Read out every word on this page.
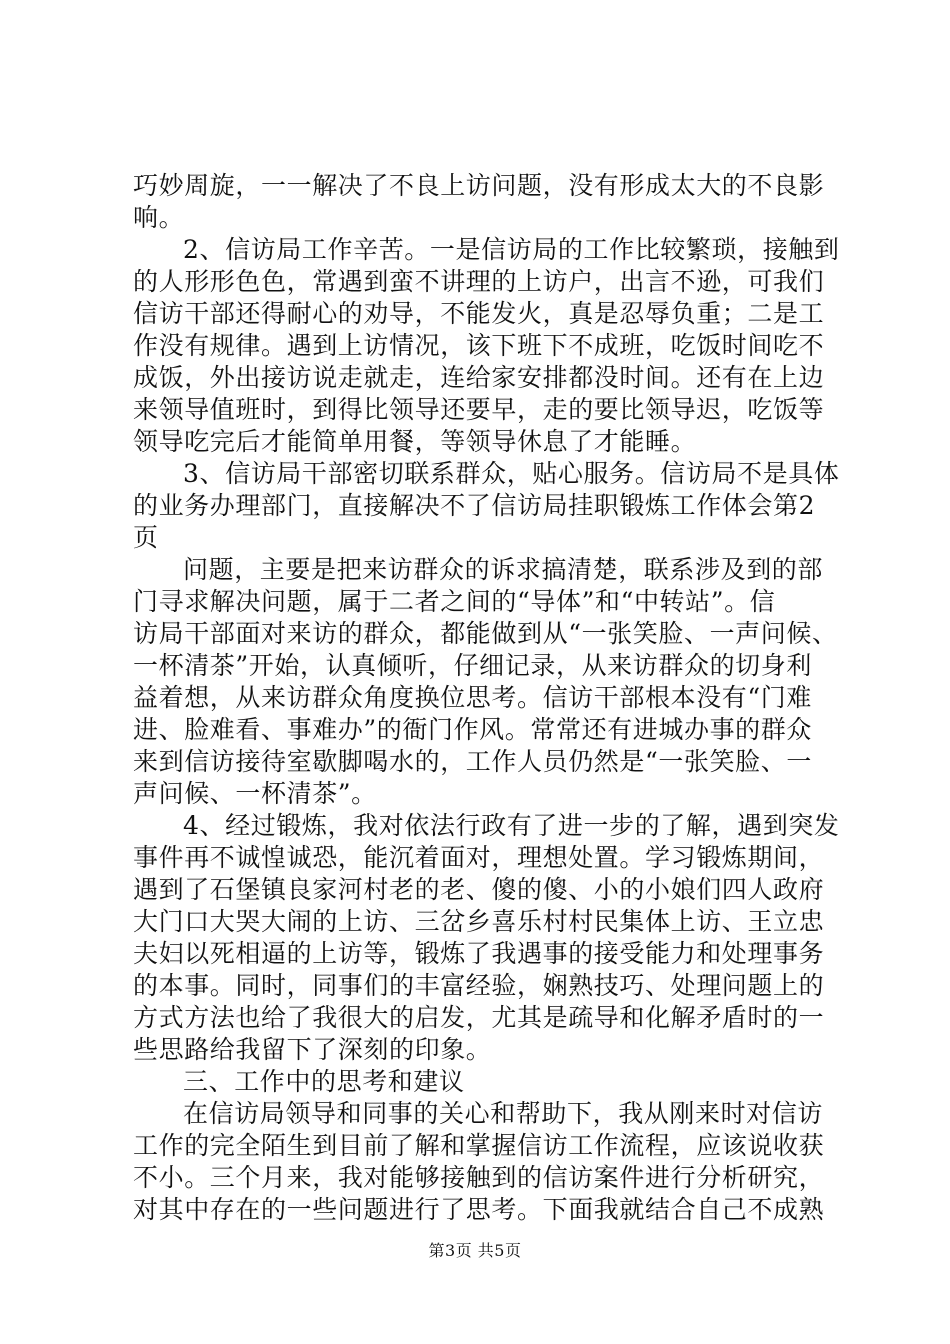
巧妙周旋，一一解决了不良上访问题，没有形成太大的不良影
响。
2、信访局工作辛苦。一是信访局的工作比较繁琐，接触到
的人形形色色，常遇到蛮不讲理的上访户，出言不逊，可我们
信访干部还得耐心的劝导，不能发火，真是忍辱负重；二是工
作没有规律。遇到上访情况，该下班下不成班，吃饭时间吃不
成饭，外出接访说走就走，连给家安排都没时间。还有在上边
来领导值班时，到得比领导还要早，走的要比领导迟，吃饭等
领导吃完后才能简单用餐，等领导休息了才能睡。
3、信访局干部密切联系群众，贴心服务。信访局不是具体
的业务办理部门，直接解决不了信访局挂职锻炼工作体会第2
页
问题，主要是把来访群众的诉求搞清楚，联系涉及到的部
门寻求解决问题，属于二者之间的“导体”和“中转站”。信
访局干部面对来访的群众，都能做到从“一张笑脸、一声问候、
一杯清茶”开始，认真倾听，仔细记录，从来访群众的切身利
益着想，从来访群众角度换位思考。信访干部根本没有“门难
进、脸难看、事难办”的衙门作风。常常还有进城办事的群众
来到信访接待室歇脚喝水的，工作人员仍然是“一张笑脸、一
声问候、一杯清茶”。
4、经过锻炼，我对依法行政有了进一步的了解，遇到突发
事件再不诚惶诚恐，能沉着面对，理想处置。学习锻炼期间，
遇到了石堡镇良家河村老的老、傻的傻、小的小娘们四人政府
大门口大哭大闹的上访、三岔乡喜乐村村民集体上访、王立忠
夫妇以死相逼的上访等，锻炼了我遇事的接受能力和处理事务
的本事。同时，同事们的丰富经验，娴熟技巧、处理问题上的
方式方法也给了我很大的启发，尤其是疏导和化解矛盾时的一
些思路给我留下了深刻的印象。
三、工作中的思考和建议
在信访局领导和同事的关心和帮助下，我从刚来时对信访
工作的完全陌生到目前了解和掌握信访工作流程，应该说收获
不小。三个月来，我对能够接触到的信访案件进行分析研究，
对其中存在的一些问题进行了思考。下面我就结合自己不成熟
第3页 共5页
